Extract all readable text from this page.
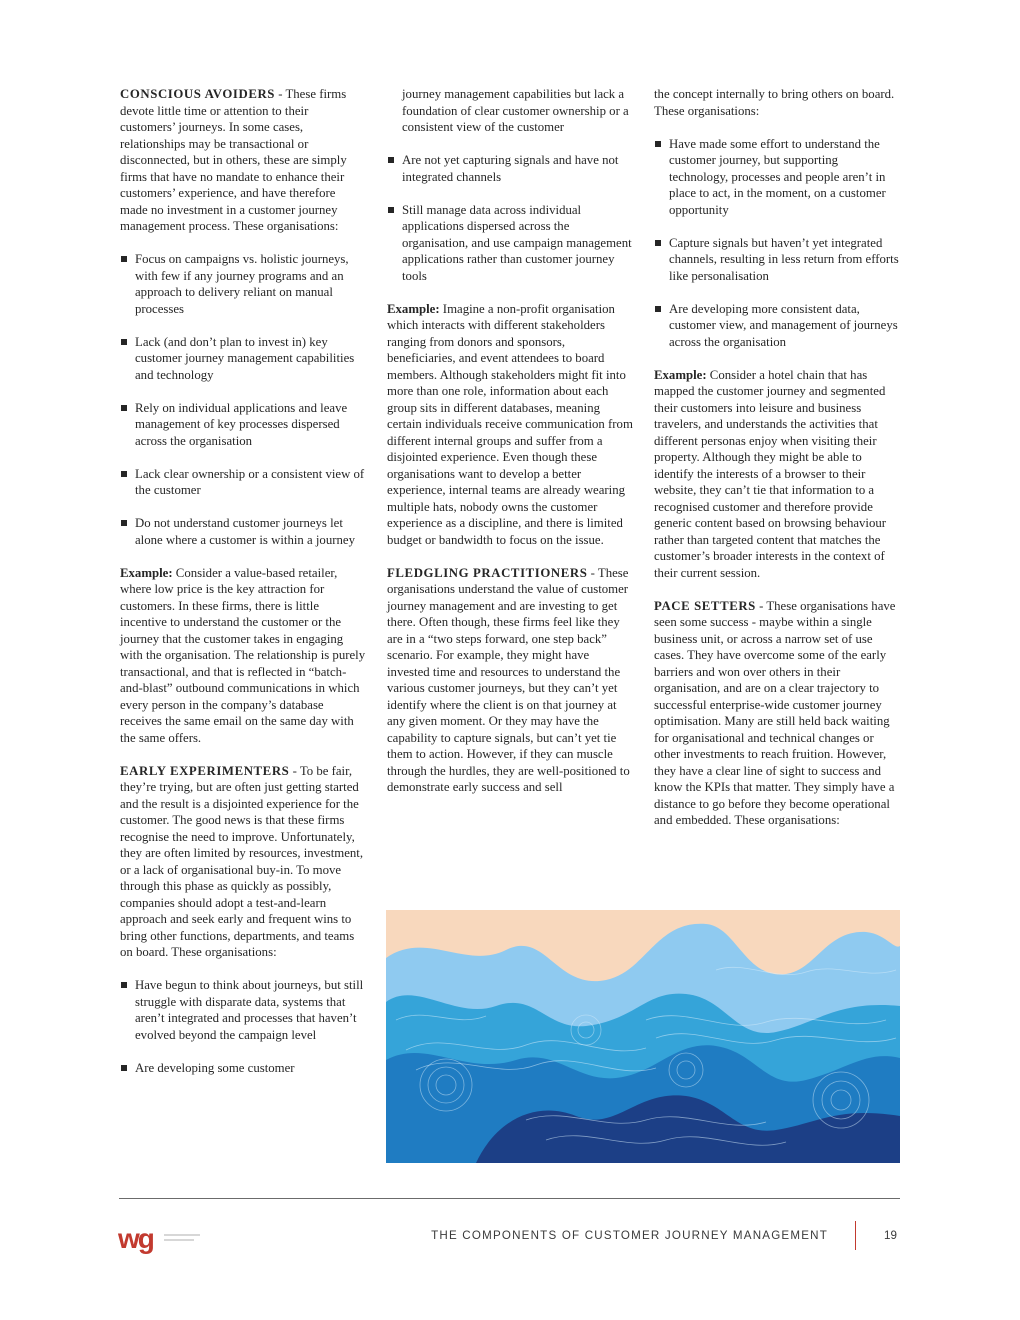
CONSCIOUS AVOIDERS - These firms devote little time or attention to their customers’ journeys. In some cases, relationships may be transactional or disconnected, but in others, these are simply firms that have no mandate to enhance their customers’ experience, and have therefore made no investment in a customer journey management process. These organisations:

Focus on campaigns vs. holistic journeys, with few if any journey programs and an approach to delivery reliant on manual processes
Lack (and don’t plan to invest in) key customer journey management capabilities and technology
Rely on individual applications and leave management of key processes dispersed across the organisation
Lack clear ownership or a consistent view of the customer
Do not understand customer journeys let alone where a customer is within a journey

Example: Consider a value-based retailer, where low price is the key attraction for customers. In these firms, there is little incentive to understand the customer or the journey that the customer takes in engaging with the organisation. The relationship is purely transactional, and that is reflected in “batch-and-blast” outbound communications in which every person in the company’s database receives the same email on the same day with the same offers.

EARLY EXPERIMENTERS - To be fair, they’re trying, but are often just getting started and the result is a disjointed experience for the customer. The good news is that these firms recognise the need to improve. Unfortunately, they are often limited by resources, investment, or a lack of organisational buy-in. To move through this phase as quickly as possibly, companies should adopt a test-and-learn approach and seek early and frequent wins to bring other functions, departments, and teams on board. These organisations:

Have begun to think about journeys, but still struggle with disparate data, systems that aren’t integrated and processes that haven’t evolved beyond the campaign level
Are developing some customer
journey management capabilities but lack a foundation of clear customer ownership or a consistent view of the customer
Are not yet capturing signals and have not integrated channels
Still manage data across individual applications dispersed across the organisation, and use campaign management applications rather than customer journey tools

Example: Imagine a non-profit organisation which interacts with different stakeholders ranging from donors and sponsors, beneficiaries, and event attendees to board members. Although stakeholders might fit into more than one role, information about each group sits in different databases, meaning certain individuals receive communication from different internal groups and suffer from a disjointed experience. Even though these organisations want to develop a better experience, internal teams are already wearing multiple hats, nobody owns the customer experience as a discipline, and there is limited budget or bandwidth to focus on the issue.

FLEDGLING PRACTITIONERS - These organisations understand the value of customer journey management and are investing to get there. Often though, these firms feel like they are in a “two steps forward, one step back” scenario. For example, they might have invested time and resources to understand the various customer journeys, but they can’t yet identify where the client is on that journey at any given moment. Or they may have the capability to capture signals, but can’t yet tie them to action. However, if they can muscle through the hurdles, they are well-positioned to demonstrate early success and sell

the concept internally to bring others on board. These organisations:

Have made some effort to understand the customer journey, but supporting technology, processes and people aren’t in place to act, in the moment, on a customer opportunity
Capture signals but haven’t yet integrated channels, resulting in less return from efforts like personalisation
Are developing more consistent data, customer view, and management of journeys across the organisation

Example: Consider a hotel chain that has mapped the customer journey and segmented their customers into leisure and business travelers, and understands the activities that different personas enjoy when visiting their property. Although they might be able to identify the interests of a browser to their website, they can’t tie that information to a recognised customer and therefore provide generic content based on browsing behaviour rather than targeted content that matches the customer’s broader interests in the context of their current session.

PACE SETTERS - These organisations have seen some success - maybe within a single business unit, or across a narrow set of use cases. They have overcome some of the early barriers and won over others in their organisation, and are on a clear trajectory to successful enterprise-wide customer journey optimisation. Many are still held back waiting for organisational and technical changes or other investments to reach fruition. However, they have a clear line of sight to success and know the KPIs that matter. They simply have a distance to go before they become operational and embedded. These organisations:

wg	THE COMPONENTS OF CUSTOMER JOURNEY MANAGEMENT	19
